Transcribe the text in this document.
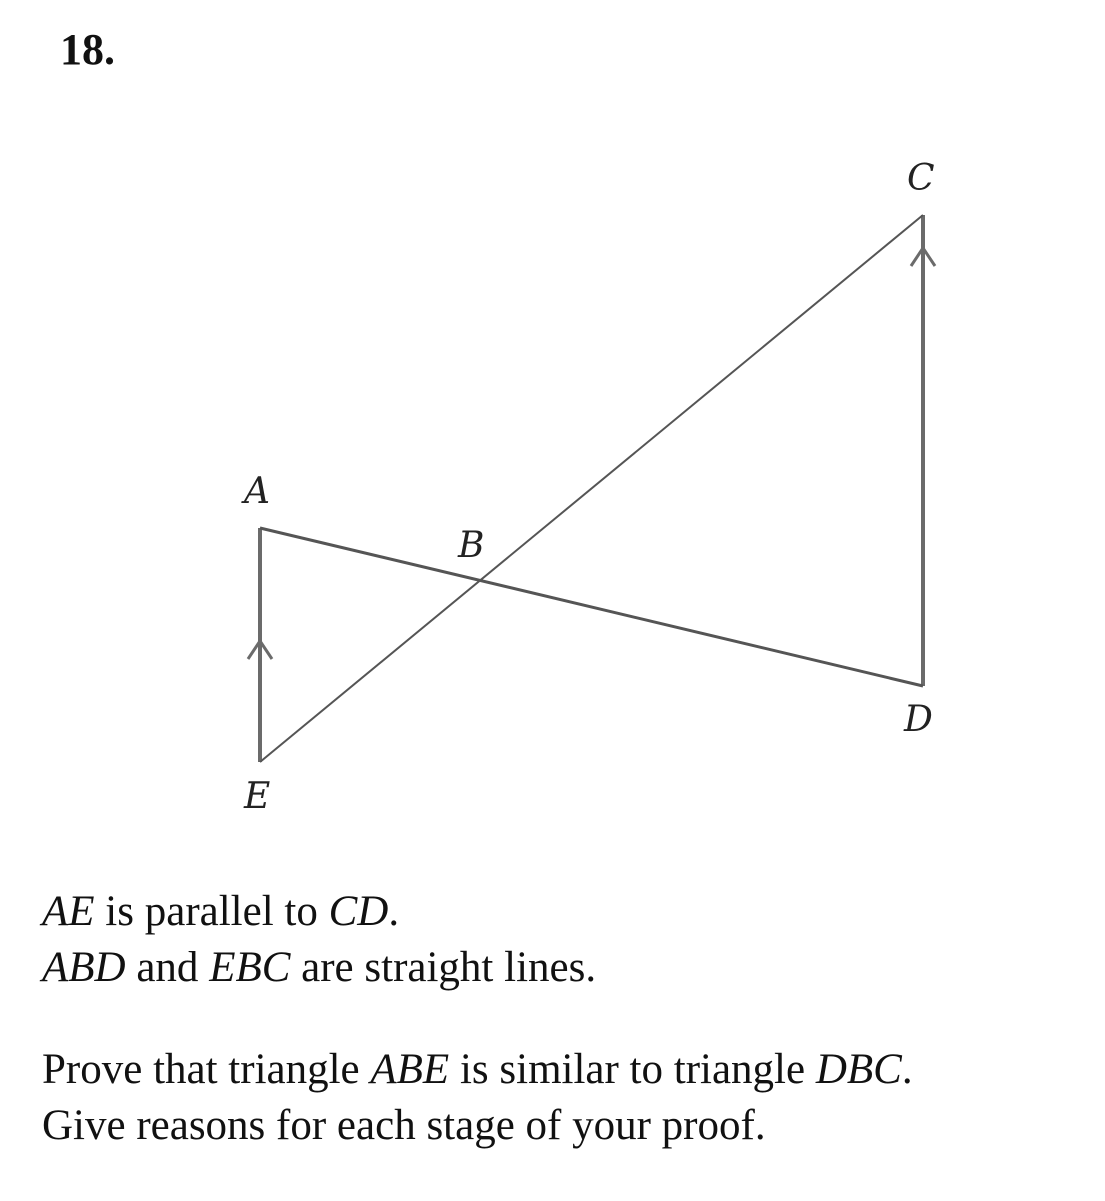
18.
A
B
C
D
E
AE is parallel to CD.
ABD and EBC are straight lines.
Prove that triangle ABE is similar to triangle DBC.
Give reasons for each stage of your proof.
